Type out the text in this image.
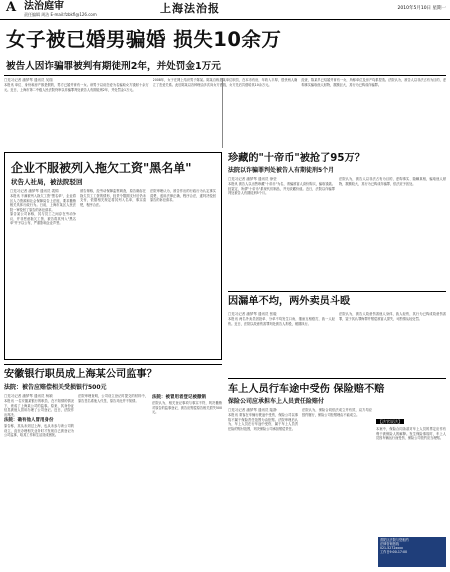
A 法治庭审
责任编辑 周洁 E-mail:fzbkfl@126.com	上海法治报	2010年5月10日 星期一
女子被已婚男骗婚 损失10余万
被告人因诈骗罪被判有期徒刑2年，并处罚金1万元
□见习记者 潘梦琴 通讯员 吴瑞

本报讯 单位、身份和房产都是假的，男方已婚并育有一女。该男子以谈恋爱为名骗取女方钱财十余万元。近日，上海市第二中级人民法院终审以诈骗罪判处被告人有期徒刑2年，并处罚金1万元。

2008年，女子在网上结识男子陈某。陈某自称是某单位职员，在本市有房，年收入丰厚，很快两人确立了恋爱关系。此后陈某以各种理由多次向女方借钱，女方先后共借给其10余万元。

经查，陈某早已结婚并育有一女，所称单位及房产均系捏造。法院认为，被告人以非法占有为目的，虚构事实骗取他人财物，数额巨大，其行为已构成诈骗罪。

企业不服被列入拖欠工资"黑名单"
状告人社局，被法院驳回
□见习记者 潘梦琴 通讯员 裴锦

本报讯 不满被列入拖欠工资"黑名单"，企业将区人力资源和社会保障局告上法庭，要求撤销相关具体行政行为。日前，上海市某区人民法院一审驳回了原告的诉讼请求。

原告某公司诉称，其与员工之间存在劳动争议，并非恶意拖欠工资，被告将其列入"黑名单"并予以公布，严重影响企业声誉。

被告辩称，经劳动保障监察调查，原告确存在拖欠员工工资的情形，经责令限期支付后仍未支付，依据相关规定将其列入名单，事实清楚，程序合法。

法院审理认为，被告作出的行政行为认定事实清楚，适用法律正确，程序合法，遂判决驳回原告的诉讼请求。

珍藏的"十帝币"被抢了95万？
法院以诈骗罪判处被告人有期徒刑5个月
□见习记者 潘梦琴 通讯员 徐莹

本报讯 被告人以出售珍藏"十帝币"为名，诱骗被害人高价购买，骗取钱款。经鉴定，所谓"十帝币"系现代仿制品，并无收藏价值。近日，法院以诈骗罪判处被告人有期徒刑5个月。

法院认为，被告人以非法占有为目的，虚构事实、隐瞒真相，骗取他人财物，数额较大，其行为已构成诈骗罪，依法应予惩处。

因漏单不均，两外卖员斗殴
□见习记者 潘梦琴 通讯员 张璇

本报讯 两名外卖员因抢单、分单不均发生口角，继而互相殴打，致一人轻伤。近日，法院以故意伤害罪判处被告人拘役，缓期执行。

法院认为，被告人故意伤害他人身体，致人轻伤，其行为已构成故意伤害罪，鉴于其认罪悔罪并赔偿被害人损失，可酌情从轻处罚。

安徽银行职员成上海某公司监事？
法院：被告应赔偿相关受损银行500元
□见习记者 潘梦琴 通讯员 杨颖

本报讯 一名安徽某银行的职员，在不知情的情况下，竟成了上海某公司的监事。原来，其身份证信息被他人冒用办理了公司登记。近日，法院作出判决。

法院：确有他人冒用身份

原告称，其从未到过上海，也从未参与该公司的设立，直至办理相关业务时才发现自己被登记为公司监事，给其工作和生活造成困扰。

法院审理查明，公司设立登记时提交的材料中，原告签名系他人代签，原告对此并不知情。

法院：被冒用者登记被撤销

法院认为，相关登记事项与事实不符，判决撤销对原告的监事登记，被告应赔偿原告相关损失500元。

车上人员行车途中受伤 保险赔不赔
保险公司应承担车上人员责任险赔付
□见习记者 潘梦琴 通讯员 陆静

本报讯 乘客在车辆行驶途中受伤，保险公司以事故不属于保险责任范围为由拒赔。法院审理后认为，车上人员在行车途中受伤，属于车上人员责任险的赔付范围，判决保险公司承担赔偿责任。

法院认为，保险合同依法成立并有效，双方均应按约履行，保险公司拒赔理由不能成立。

【法官说法】

本案中，保险合同条款对车上人员的界定应作有利于被保险人的解释。发生保险事故时，车上人员因车辆运行而受伤，保险公司依约应当理赔。

普陀区法院与您相约
法律咨询热线
021-5272xxxx
工作日9:00-17:00
